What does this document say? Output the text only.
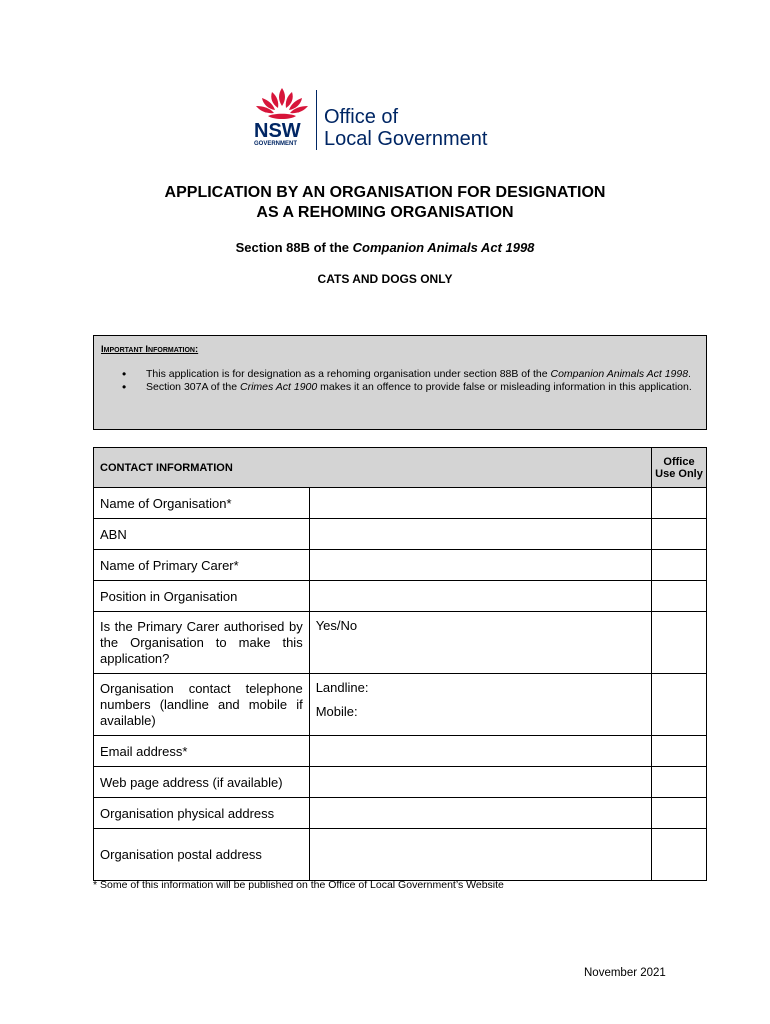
NSW
GOVERNMENT
Office of
Local Government
APPLICATION BY AN ORGANISATION FOR DESIGNATION
AS A REHOMING ORGANISATION
Section 88B of the Companion Animals Act 1998
CATS AND DOGS ONLY
Important Information:
• This application is for designation as a rehoming organisation under section 88B of the Companion Animals Act 1998.
• Section 307A of the Crimes Act 1900 makes it an offence to provide false or misleading information in this application.
CONTACT INFORMATION		Office Use Only
Name of Organisation*		
ABN		
Name of Primary Carer*		
Position in Organisation		
Is the Primary Carer authorised by the Organisation to make this application?	Yes/No	
Organisation contact telephone numbers (landline and mobile if available)	Landline:
Mobile:	

Email address*		
Web page address (if available)		
Organisation physical address		
Organisation postal address		
* Some of this information will be published on the Office of Local Government’s Website
November 2021
